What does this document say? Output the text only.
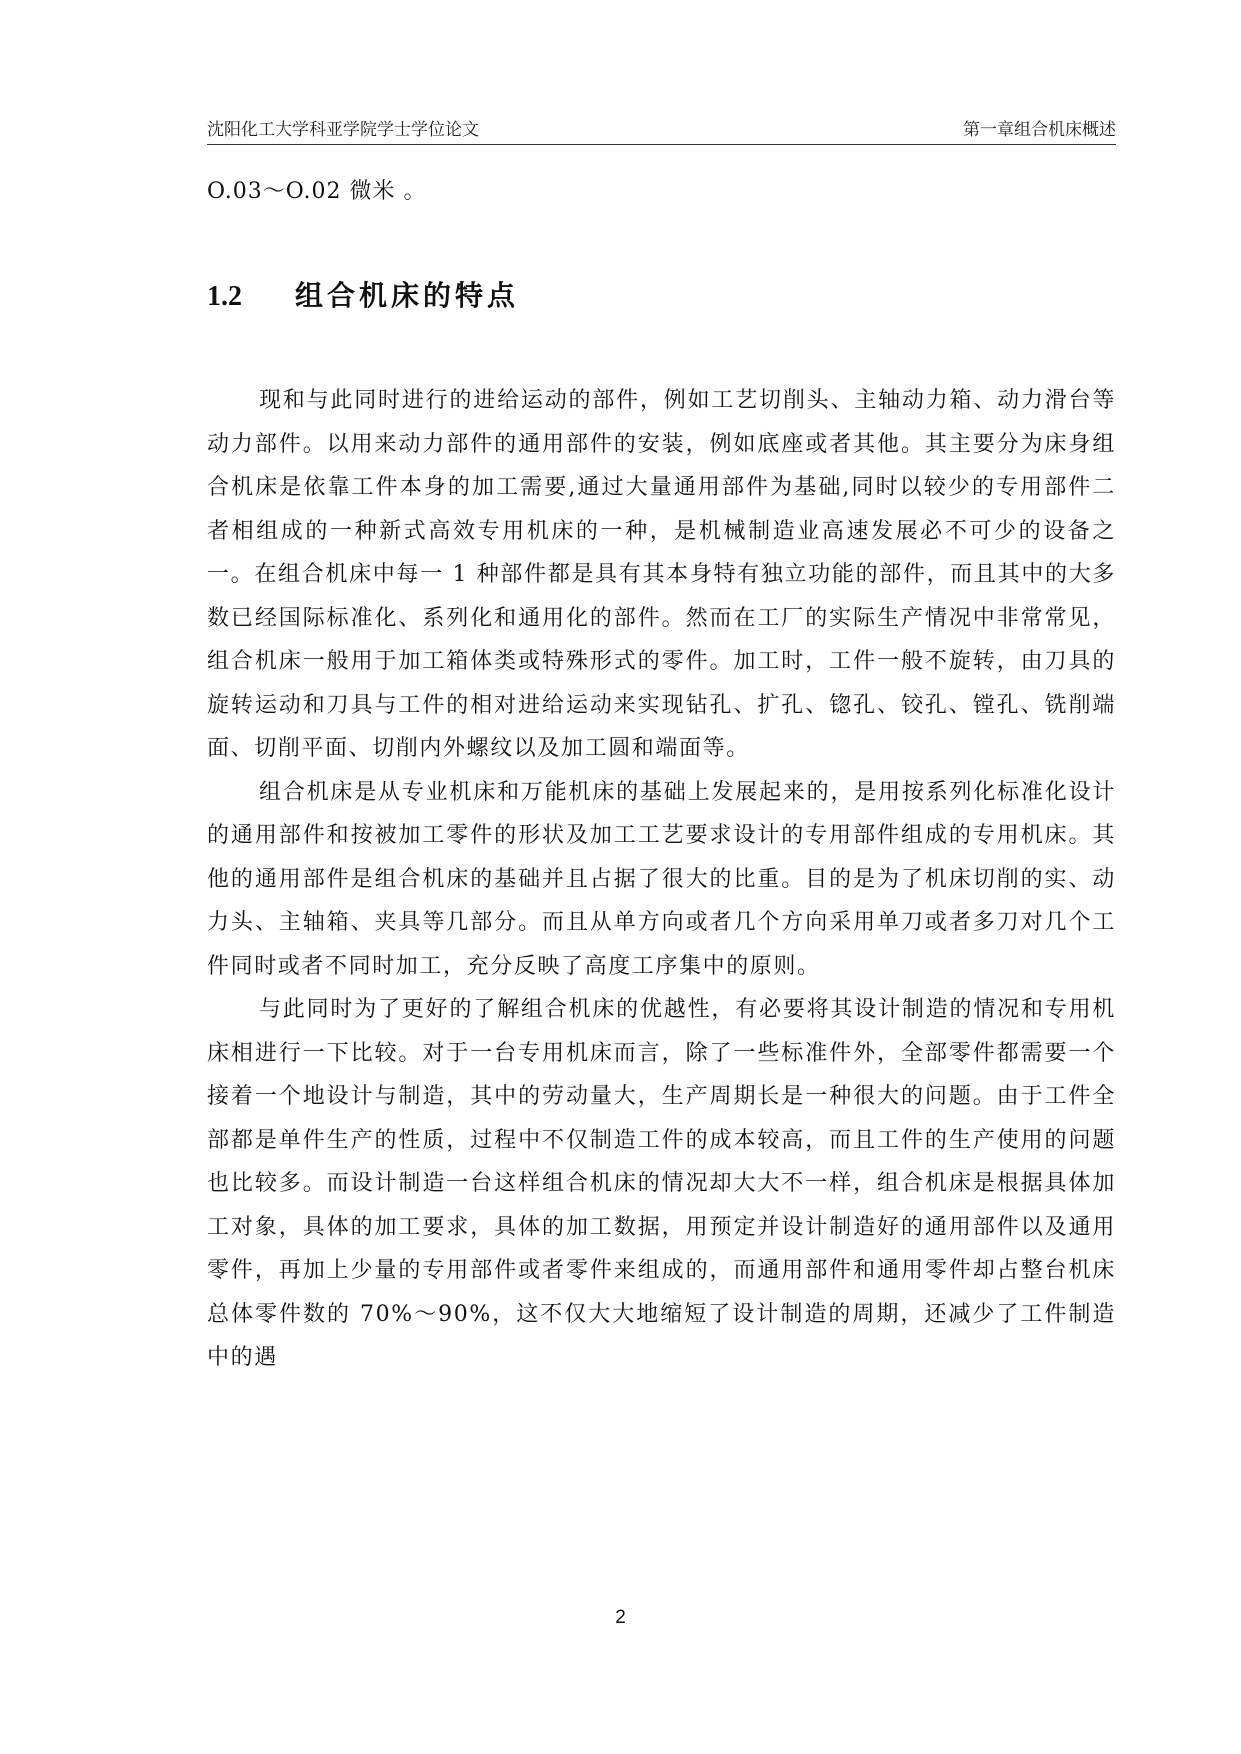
沈阳化工大学科亚学院学士学位论文	第一章组合机床概述
O.03～O.02 微米 。
1.2 组合机床的特点

现和与此同时进行的进给运动的部件，例如工艺切削头、主轴动力箱、动力滑台等动力部件。以用来动力部件的通用部件的安装，例如底座或者其他。其主要分为床身组合机床是依靠工件本身的加工需要,通过大量通用部件为基础,同时以较少的专用部件二者相组成的一种新式高效专用机床的一种，是机械制造业高速发展必不可少的设备之一。在组合机床中每一 1 种部件都是具有其本身特有独立功能的部件，而且其中的大多数已经国际标准化、系列化和通用化的部件。然而在工厂的实际生产情况中非常常见，组合机床一般用于加工箱体类或特殊形式的零件。加工时，工件一般不旋转，由刀具的旋转运动和刀具与工件的相对进给运动来实现钻孔、扩孔、锪孔、铰孔、镗孔、铣削端面、切削平面、切削内外螺纹以及加工圆和端面等。

组合机床是从专业机床和万能机床的基础上发展起来的，是用按系列化标准化设计的通用部件和按被加工零件的形状及加工工艺要求设计的专用部件组成的专用机床。其他的通用部件是组合机床的基础并且占据了很大的比重。目的是为了机床切削的实、动力头、主轴箱、夹具等几部分。而且从单方向或者几个方向采用单刀或者多刀对几个工件同时或者不同时加工，充分反映了高度工序集中的原则。

与此同时为了更好的了解组合机床的优越性，有必要将其设计制造的情况和专用机床相进行一下比较。对于一台专用机床而言，除了一些标准件外，全部零件都需要一个接着一个地设计与制造，其中的劳动量大，生产周期长是一种很大的问题。由于工件全部都是单件生产的性质，过程中不仅制造工件的成本较高，而且工件的生产使用的问题也比较多。而设计制造一台这样组合机床的情况却大大不一样，组合机床是根据具体加工对象，具体的加工要求，具体的加工数据，用预定并设计制造好的通用部件以及通用零件，再加上少量的专用部件或者零件来组成的，而通用部件和通用零件却占整台机床总体零件数的 70%～90%，这不仅大大地缩短了设计制造的周期，还减少了工件制造中的遇

2
